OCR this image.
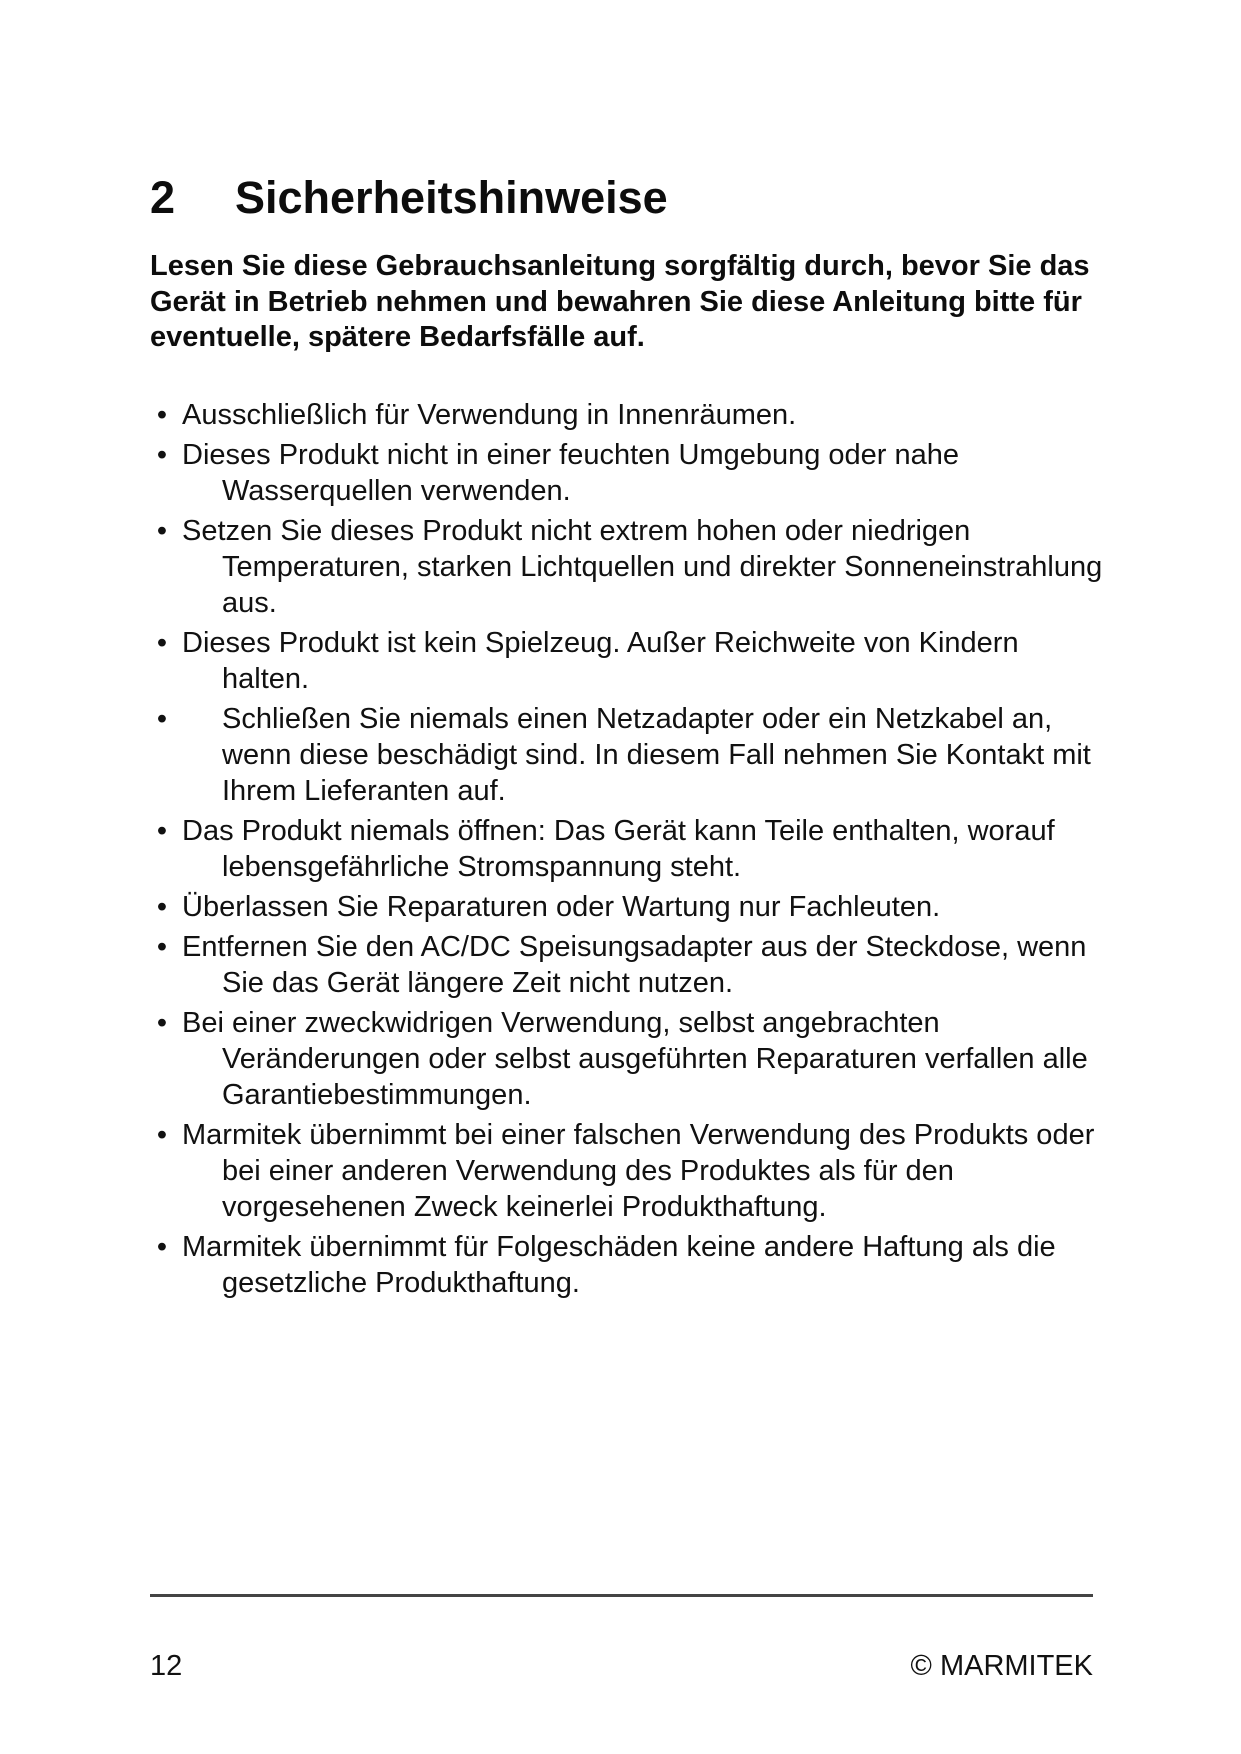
2 Sicherheitshinweise
Lesen Sie diese Gebrauchsanleitung sorgfältig durch, bevor Sie das Gerät in Betrieb nehmen und bewahren Sie diese Anleitung bitte für eventuelle, spätere Bedarfsfälle auf.
• Ausschließlich für Verwendung in Innenräumen.
• Dieses Produkt nicht in einer feuchten Umgebung oder nahe Wasserquellen verwenden.
• Setzen Sie dieses Produkt nicht extrem hohen oder niedrigen Temperaturen, starken Lichtquellen und direkter Sonneneinstrahlung aus.
• Dieses Produkt ist kein Spielzeug. Außer Reichweite von Kindern halten.
• Schließen Sie niemals einen Netzadapter oder ein Netzkabel an, wenn diese beschädigt sind. In diesem Fall nehmen Sie Kontakt mit Ihrem Lieferanten auf.
• Das Produkt niemals öffnen: Das Gerät kann Teile enthalten, worauf lebensgefährliche Stromspannung steht.
• Überlassen Sie Reparaturen oder Wartung nur Fachleuten.
• Entfernen Sie den AC/DC Speisungsadapter aus der Steckdose, wenn Sie das Gerät längere Zeit nicht nutzen.
• Bei einer zweckwidrigen Verwendung, selbst angebrachten Veränderungen oder selbst ausgeführten Reparaturen verfallen alle Garantiebestimmungen.
• Marmitek übernimmt bei einer falschen Verwendung des Produkts oder bei einer anderen Verwendung des Produktes als für den vorgesehenen Zweck keinerlei Produkthaftung.
• Marmitek übernimmt für Folgeschäden keine andere Haftung als die gesetzliche Produkthaftung.
12	© MARMITEK
